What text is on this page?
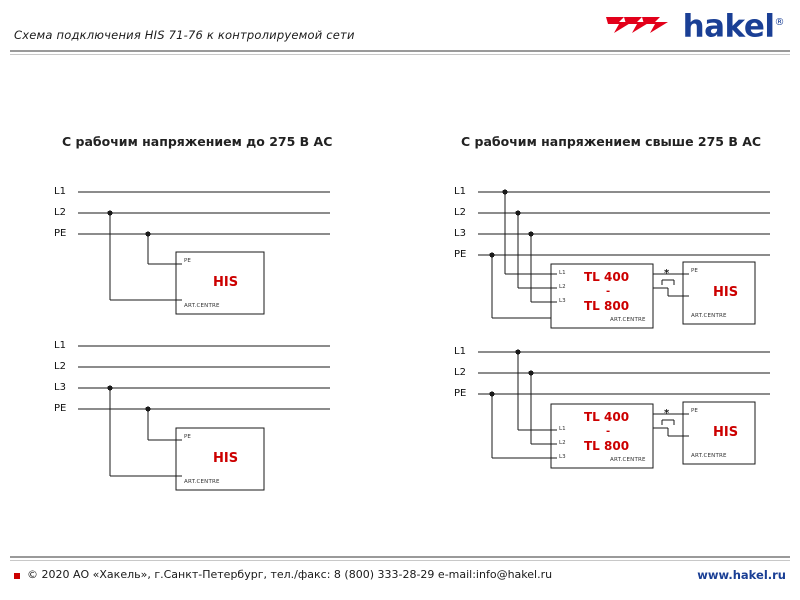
Схема подключения HIS 71-76 к контролируемой сети	hakel®
С рабочим напряжением до 275 В AC	С рабочим напряжением свыше 275 В AC
L1
L2
PE
L1
L2
L3
PE
L1
L2
L3
PE
L1
L2
PE
PE
HIS
ART.CENTRE
PE
HIS
ART.CENTRE
L1
L2
L3
TL 400
-
TL 800
ART.CENTRE
*	PE
HIS
ART.CENTRE
L1
L2
L3
TL 400
-
TL 800
ART.CENTRE
*	PE
HIS
ART.CENTRE
© 2020 АО «Хакель», г.Санкт-Петербург, тел./факс: 8 (800) 333-28-29 e-mail:info@hakel.ru	www.hakel.ru
